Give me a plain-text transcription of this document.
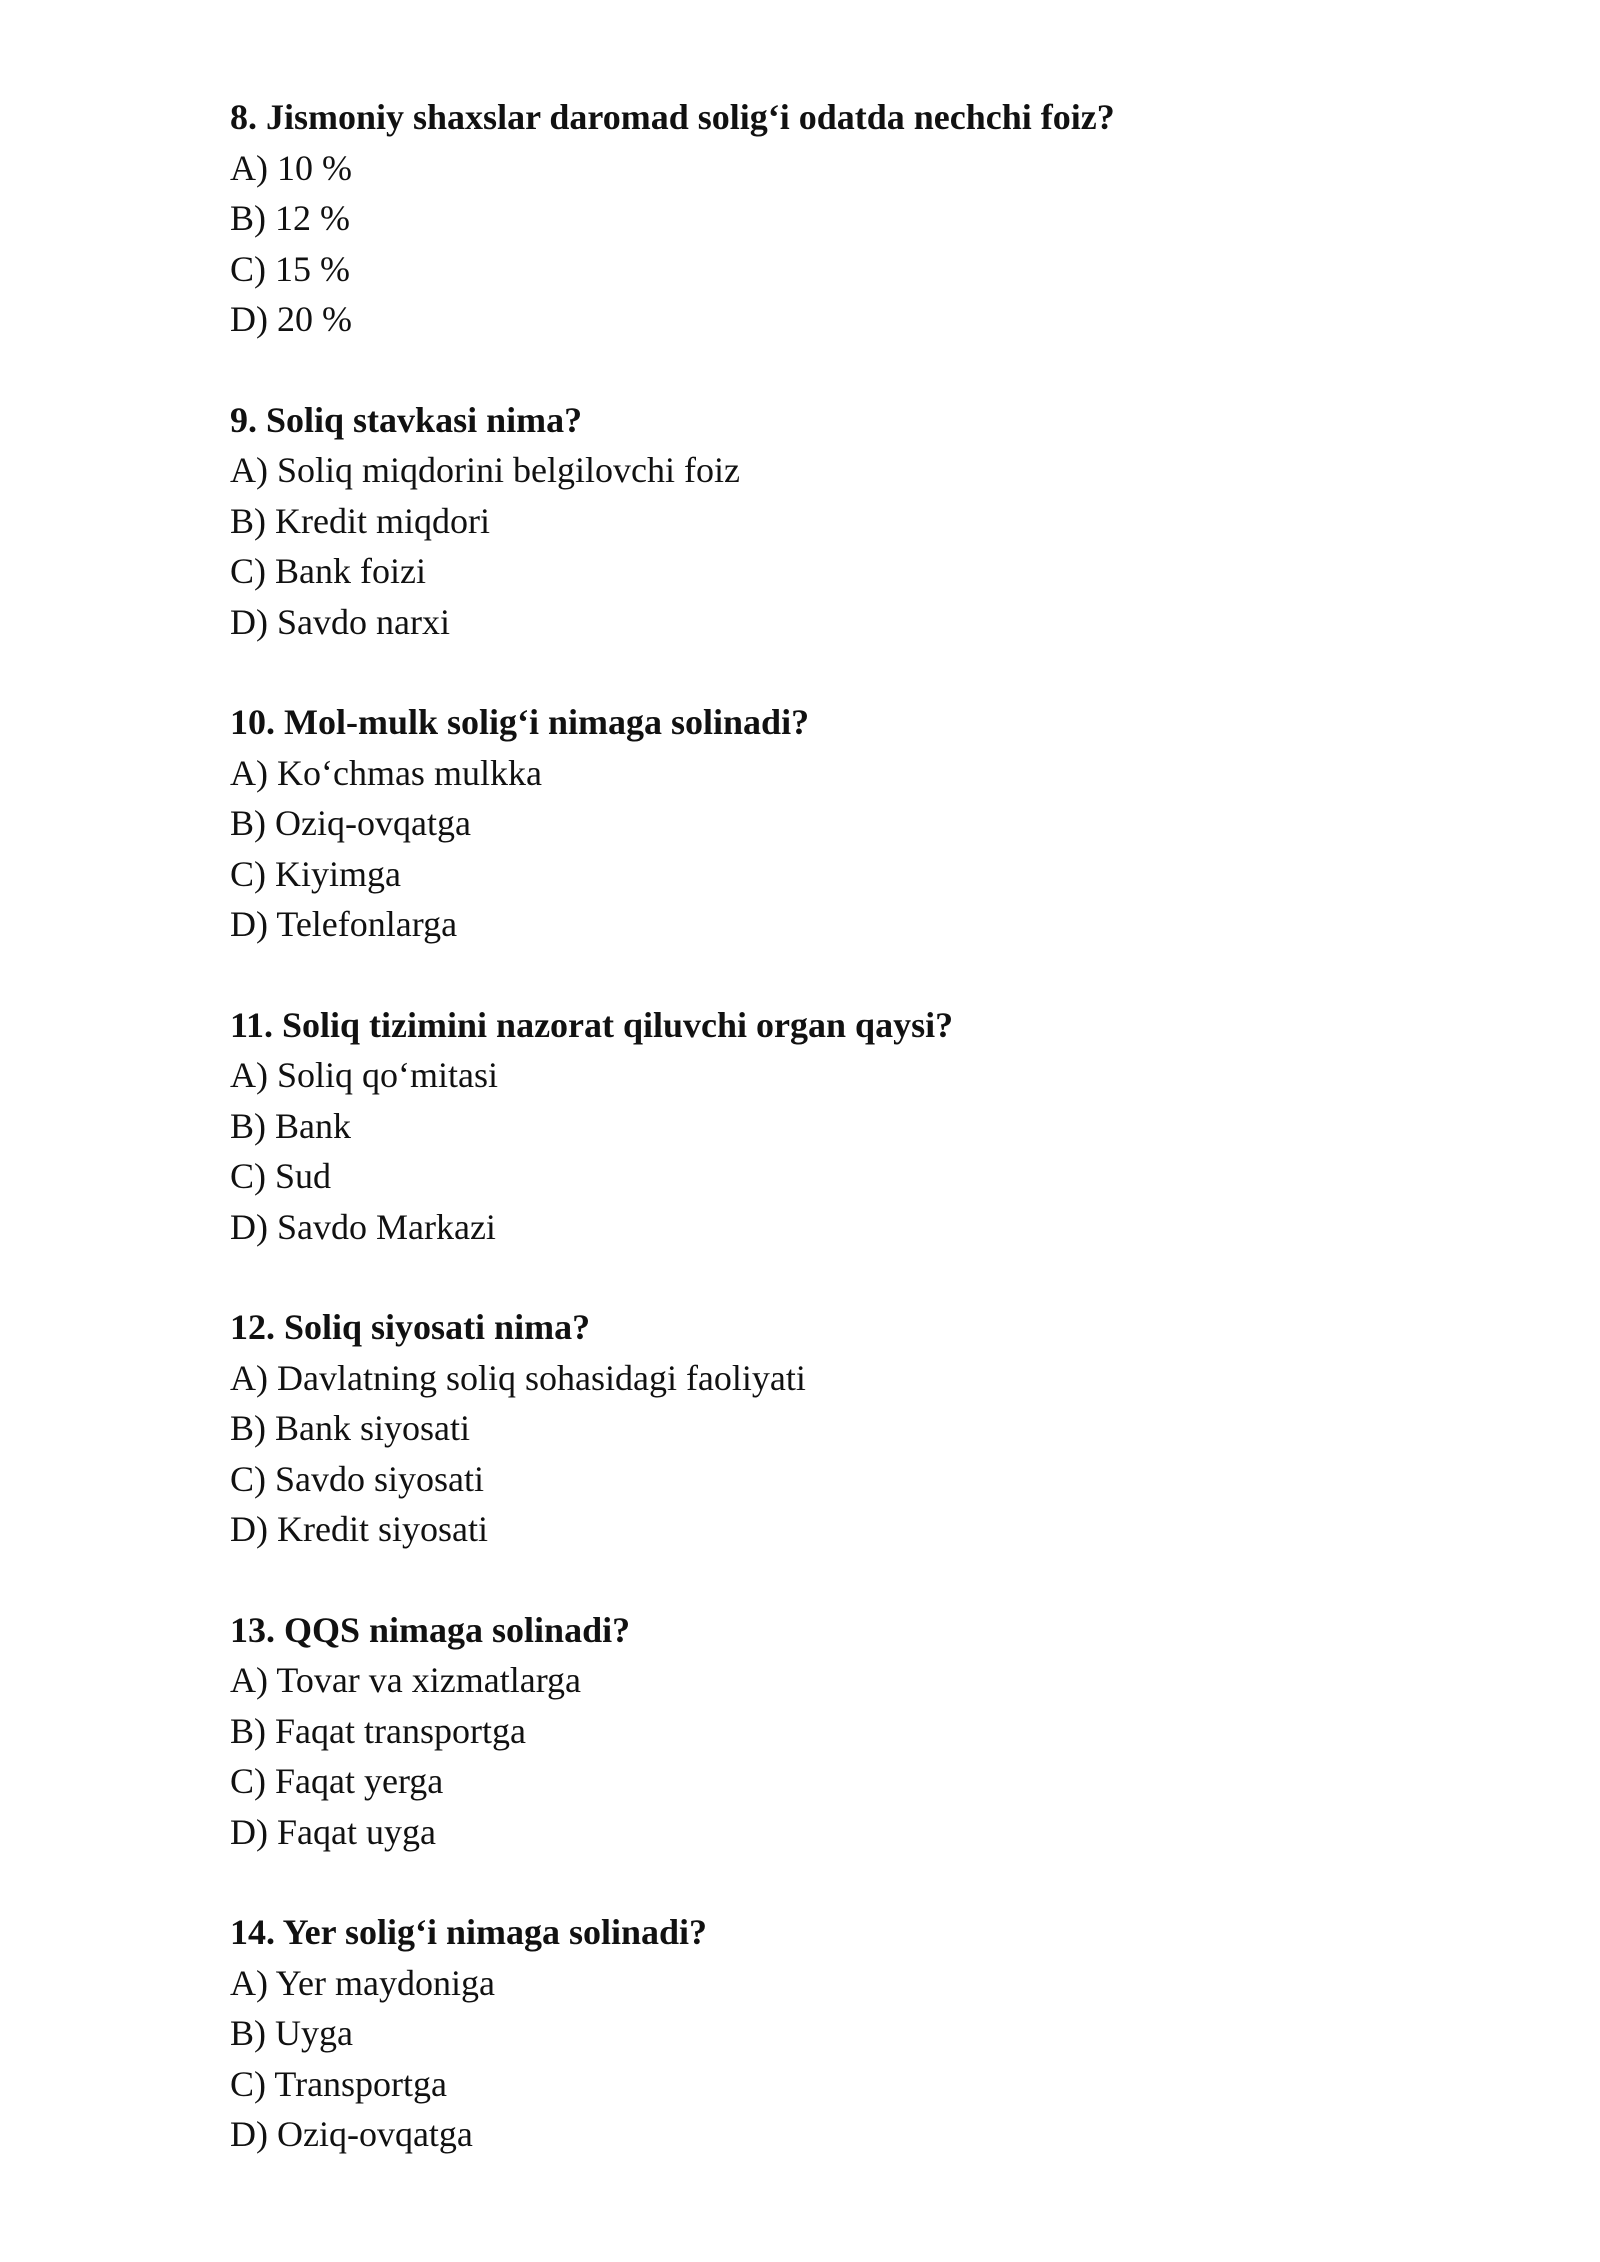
8. Jismoniy shaxslar daromad solig‘i odatda nechchi foiz?

A) 10 %

B) 12 %

C) 15 %

D) 20 %

9. Soliq stavkasi nima?

A) Soliq miqdorini belgilovchi foiz

B) Kredit miqdori

C) Bank foizi

D) Savdo narxi

10. Mol-mulk solig‘i nimaga solinadi?

A) Ko‘chmas mulkka

B) Oziq-ovqatga

C) Kiyimga

D) Telefonlarga

11. Soliq tizimini nazorat qiluvchi organ qaysi?

A) Soliq qo‘mitasi

B) Bank

C) Sud

D) Savdo Markazi

12. Soliq siyosati nima?

A) Davlatning soliq sohasidagi faoliyati

B) Bank siyosati

C) Savdo siyosati

D) Kredit siyosati

13. QQS nimaga solinadi?

A) Tovar va xizmatlarga

B) Faqat transportga

C) Faqat yerga

D) Faqat uyga

14. Yer solig‘i nimaga solinadi?

A) Yer maydoniga

B) Uyga

C) Transportga

D) Oziq-ovqatga
